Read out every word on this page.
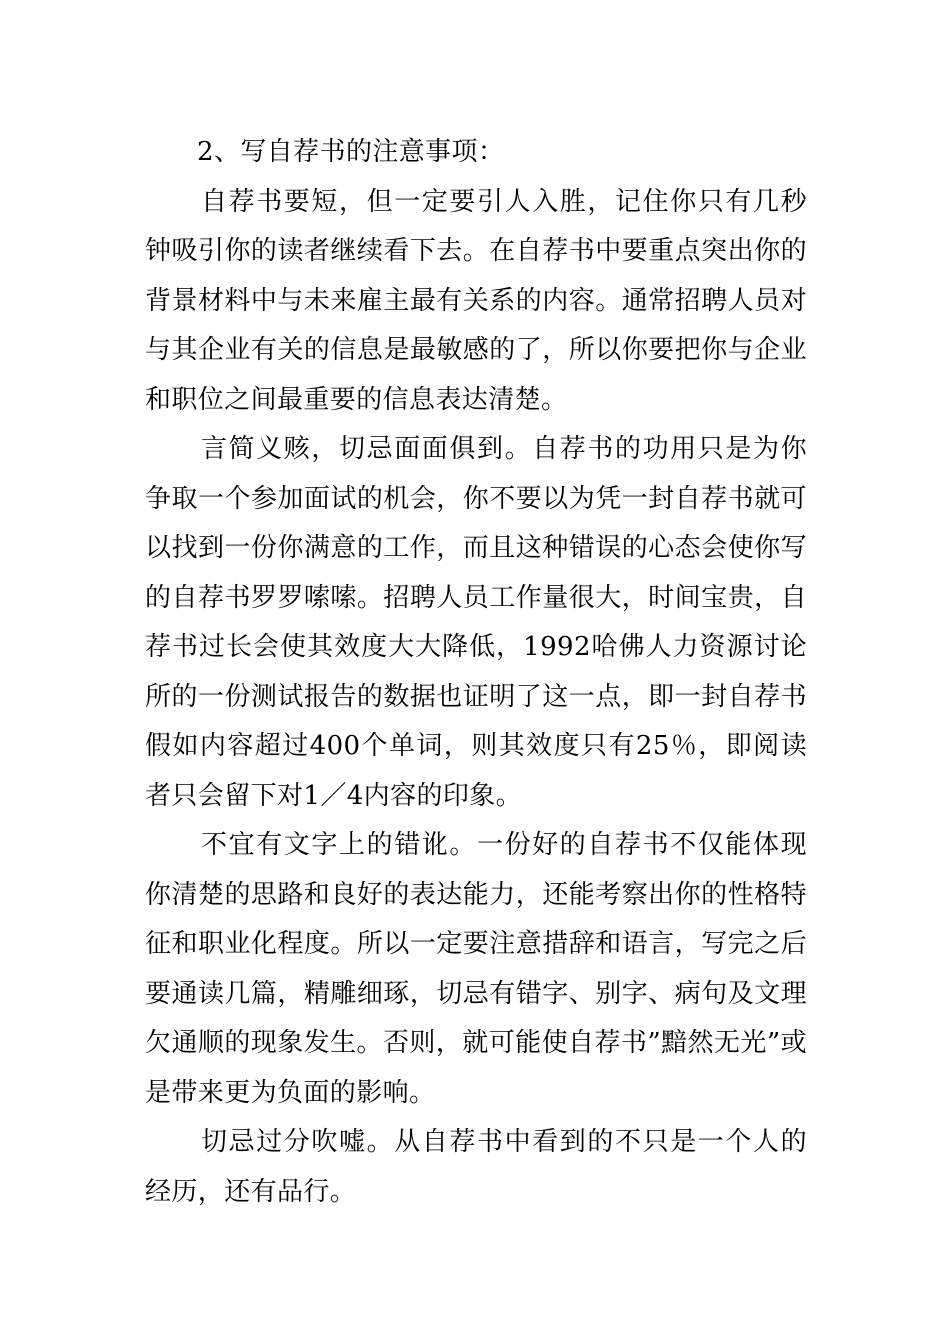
2、写自荐书的注意事项：

自荐书要短，但一定要引人入胜，记住你只有几秒钟吸引你的读者继续看下去。在自荐书中要重点突出你的背景材料中与未来雇主最有关系的内容。通常招聘人员对与其企业有关的信息是最敏感的了，所以你要把你与企业和职位之间最重要的信息表达清楚。

言简义赅，切忌面面俱到。自荐书的功用只是为你争取一个参加面试的机会，你不要以为凭一封自荐书就可以找到一份你满意的工作，而且这种错误的心态会使你写的自荐书罗罗嗦嗦。招聘人员工作量很大，时间宝贵，自荐书过长会使其效度大大降低，1992哈佛人力资源讨论所的一份测试报告的数据也证明了这一点，即一封自荐书假如内容超过400个单词，则其效度只有25％，即阅读者只会留下对1／4内容的印象。

不宜有文字上的错讹。一份好的自荐书不仅能体现你清楚的思路和良好的表达能力，还能考察出你的性格特征和职业化程度。所以一定要注意措辞和语言，写完之后要通读几篇，精雕细琢，切忌有错字、别字、病句及文理欠通顺的现象发生。否则，就可能使自荐书”黯然无光”或是带来更为负面的影响。

切忌过分吹嘘。从自荐书中看到的不只是一个人的经历，还有品行。
